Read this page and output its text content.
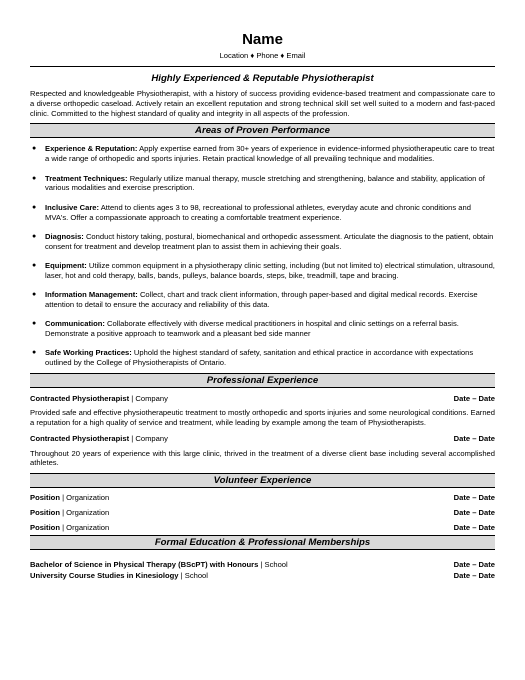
Name
Location ♦ Phone ♦ Email
Highly Experienced & Reputable Physiotherapist
Respected and knowledgeable Physiotherapist, with a history of success providing evidence-based treatment and compassionate care to a diverse orthopedic caseload. Actively retain an excellent reputation and strong technical skill set well suited to a modern and fast-paced clinic. Committed to the highest standard of quality and integrity in all aspects of the profession.
Areas of Proven Performance
● Experience & Reputation: Apply expertise earned from 30+ years of experience in evidence-informed physiotherapeutic care to treat a wide range of orthopedic and sports injuries. Retain practical knowledge of all prevailing technique and modalities.
● Treatment Techniques: Regularly utilize manual therapy, muscle stretching and strengthening, balance and stability, application of various modalities and exercise prescription.
● Inclusive Care: Attend to clients ages 3 to 98, recreational to professional athletes, everyday acute and chronic conditions and MVA's. Offer a compassionate approach to creating a comfortable treatment experience.
● Diagnosis: Conduct history taking, postural, biomechanical and orthopedic assessment. Articulate the diagnosis to the patient, obtain consent for treatment and develop treatment plan to assist them in achieving their goals.
● Equipment: Utilize common equipment in a physiotherapy clinic setting, including (but not limited to) electrical stimulation, ultrasound, laser, hot and cold therapy, balls, bands, pulleys, balance boards, steps, bike, treadmill, tape and bracing.
● Information Management: Collect, chart and track client information, through paper-based and digital medical records. Exercise attention to detail to ensure the accuracy and reliability of this data.
● Communication: Collaborate effectively with diverse medical practitioners in hospital and clinic settings on a referral basis. Demonstrate a positive approach to teamwork and a pleasant bed side manner
● Safe Working Practices: Uphold the highest standard of safety, sanitation and ethical practice in accordance with expectations outlined by the College of Physiotherapists of Ontario.
Professional Experience
Contracted Physiotherapist | Company	Date – Date
Provided safe and effective physiotherapeutic treatment to mostly orthopedic and sports injuries and some neurological conditions. Earned a reputation for a high quality of service and treatment, while leading by example among the team of Physiotherapists.
Contracted Physiotherapist | Company	Date – Date
Throughout 20 years of experience with this large clinic, thrived in the treatment of a diverse client base including several accomplished athletes.
Volunteer Experience
Position | Organization	Date – Date
Position | Organization	Date – Date
Position | Organization	Date – Date
Formal Education & Professional Memberships
Bachelor of Science in Physical Therapy (BScPT) with Honours | School	Date – Date
University Course Studies in Kinesiology | School	Date – Date
